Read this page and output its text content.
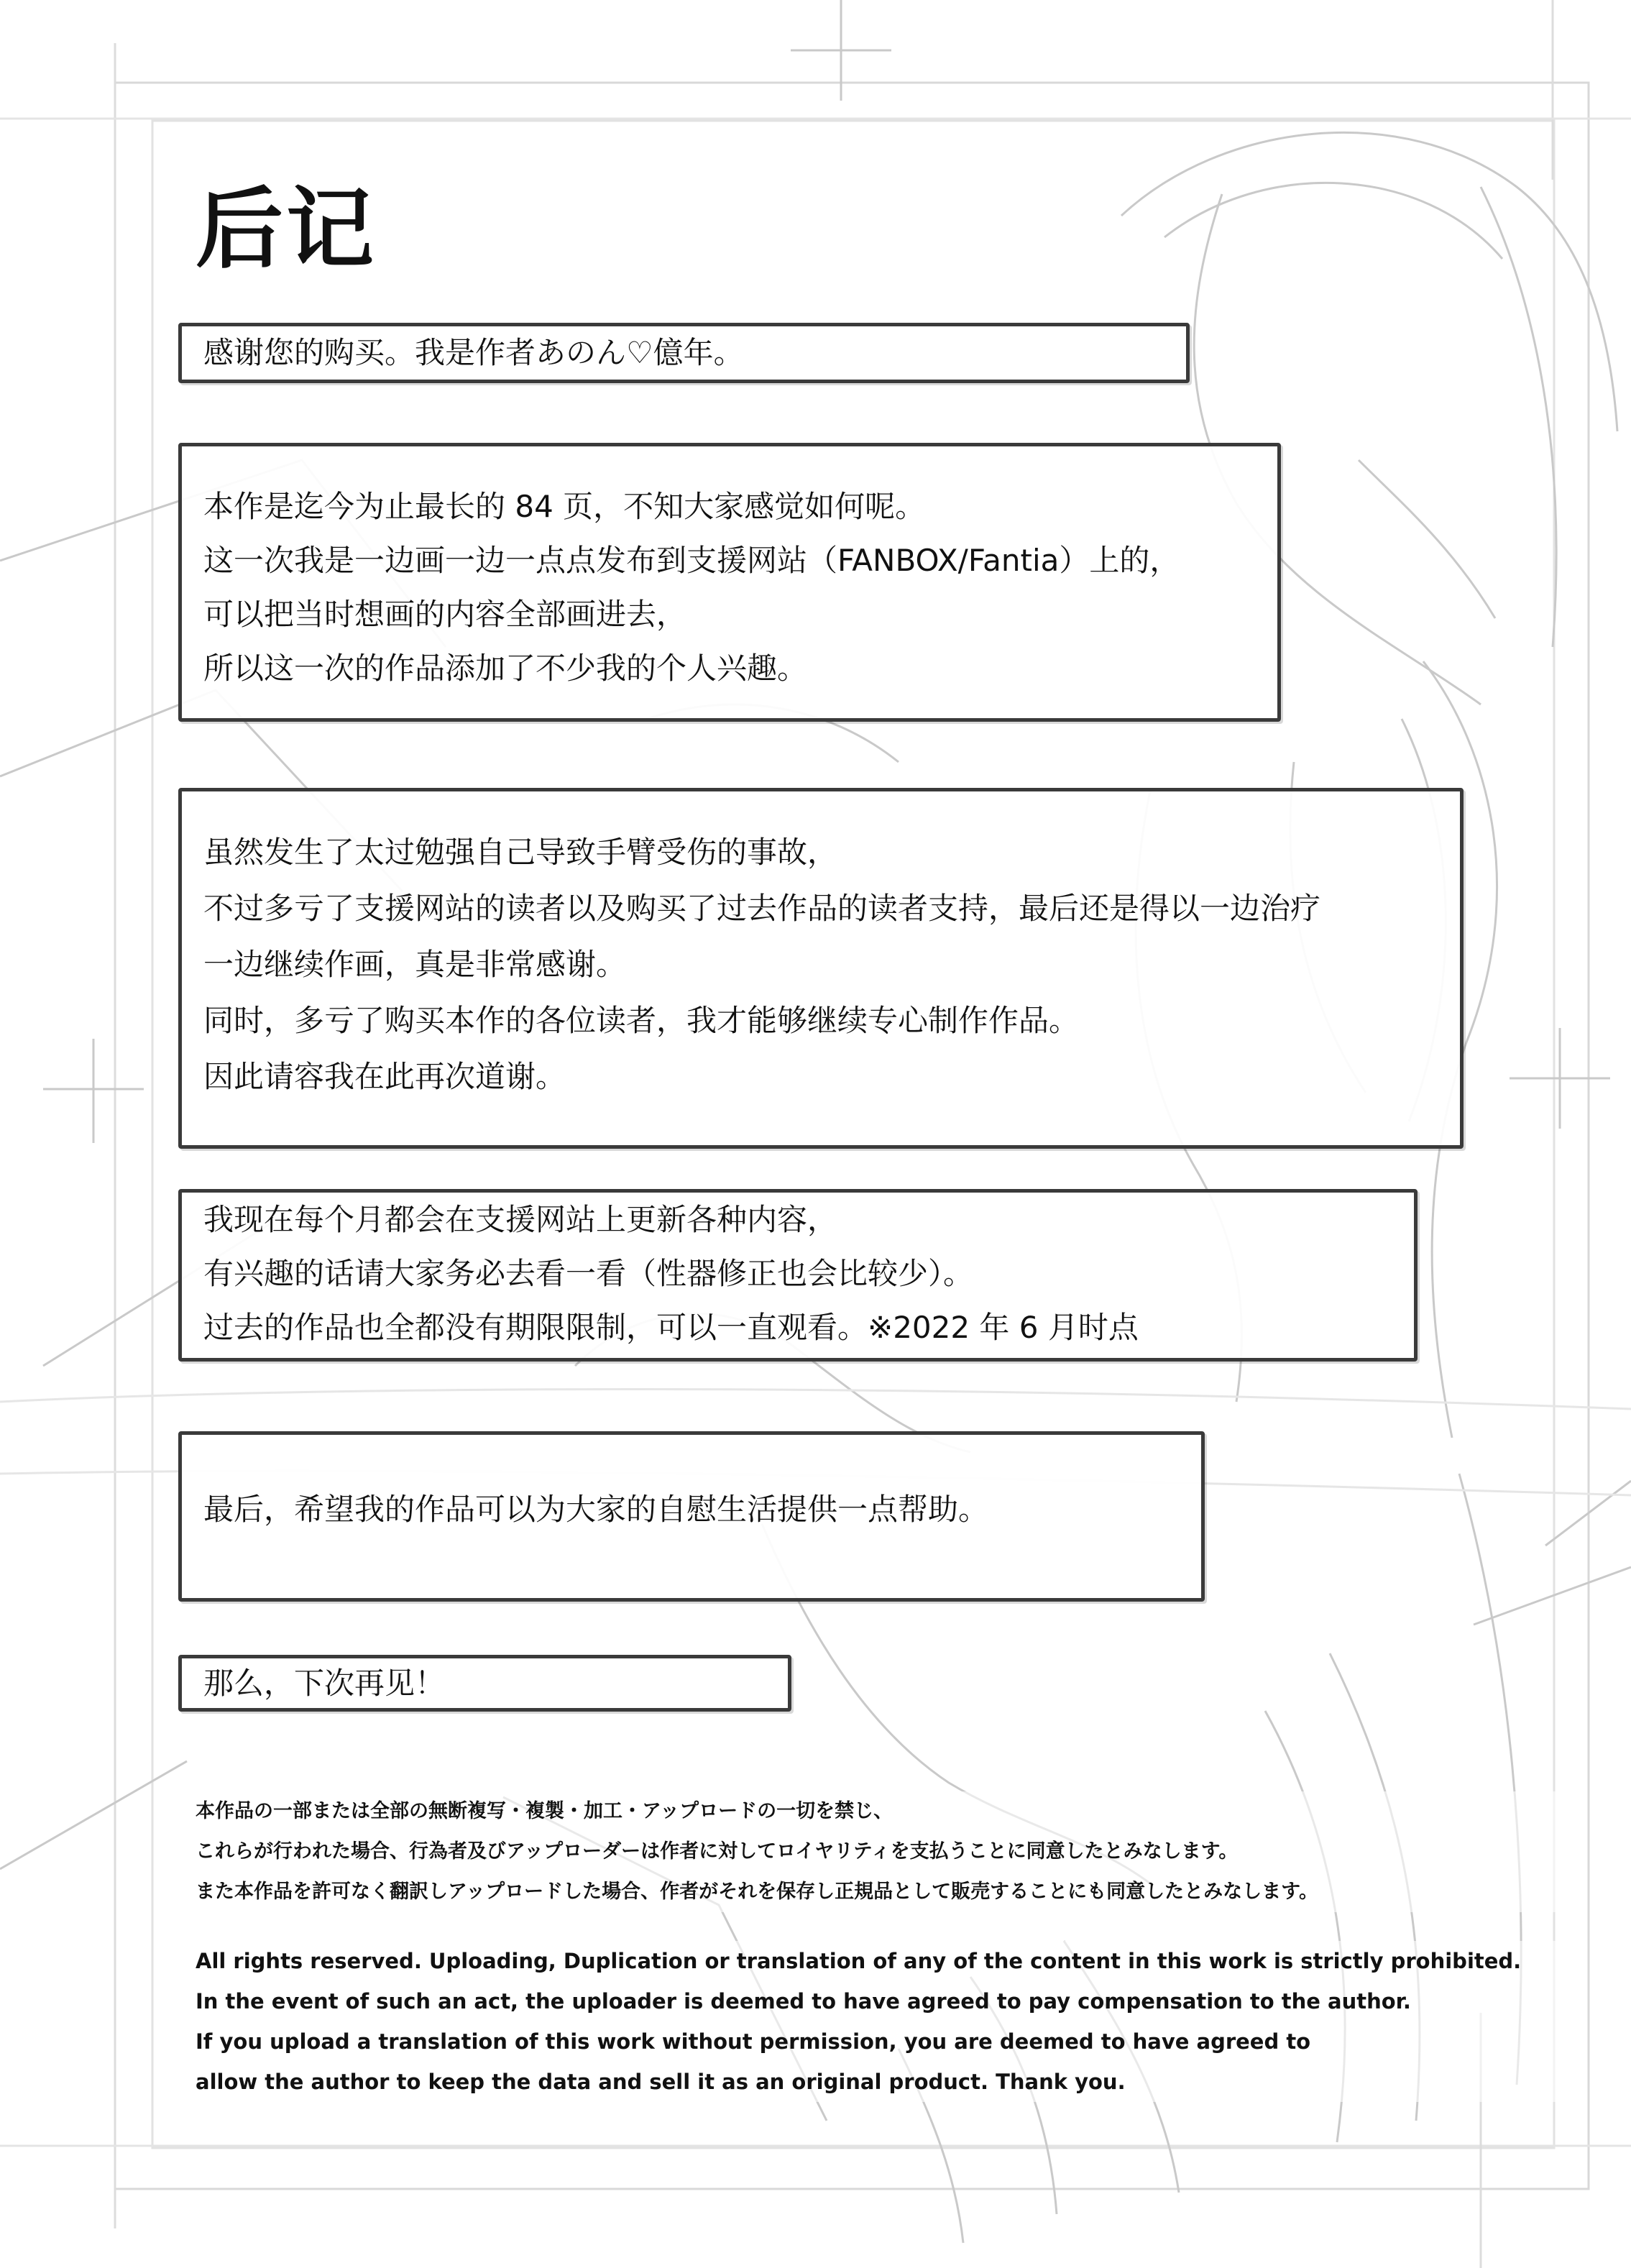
后记

感谢您的购买。我是作者あのん♡億年。

本作是迄今为止最长的 84 页，不知大家感觉如何呢。

这一次我是一边画一边一点点发布到支援网站（FANBOX/Fantia）上的，

可以把当时想画的内容全部画进去，

所以这一次的作品添加了不少我的个人兴趣。

虽然发生了太过勉强自己导致手臂受伤的事故，

不过多亏了支援网站的读者以及购买了过去作品的读者支持，最后还是得以一边治疗

一边继续作画，真是非常感谢。

同时，多亏了购买本作的各位读者，我才能够继续专心制作作品。

因此请容我在此再次道谢。

我现在每个月都会在支援网站上更新各种内容，

有兴趣的话请大家务必去看一看（性器修正也会比较少）。

过去的作品也全都没有期限限制，可以一直观看。※2022 年 6 月时点

最后，希望我的作品可以为大家的自慰生活提供一点帮助。

那么，下次再见！

本作品の一部または全部の無断複写・複製・加工・アップロードの一切を禁じ、

これらが行われた場合、行為者及びアップローダーは作者に対してロイヤリティを支払うことに同意したとみなします。

また本作品を許可なく翻訳しアップロードした場合、作者がそれを保存し正規品として販売することにも同意したとみなします。

All rights reserved. Uploading, Duplication or translation of any of the content in this work is strictly prohibited.

In the event of such an act, the uploader is deemed to have agreed to pay compensation to the author.

If you upload a translation of this work without permission, you are deemed to have agreed to

allow the author to keep the data and sell it as an original product. Thank you.
